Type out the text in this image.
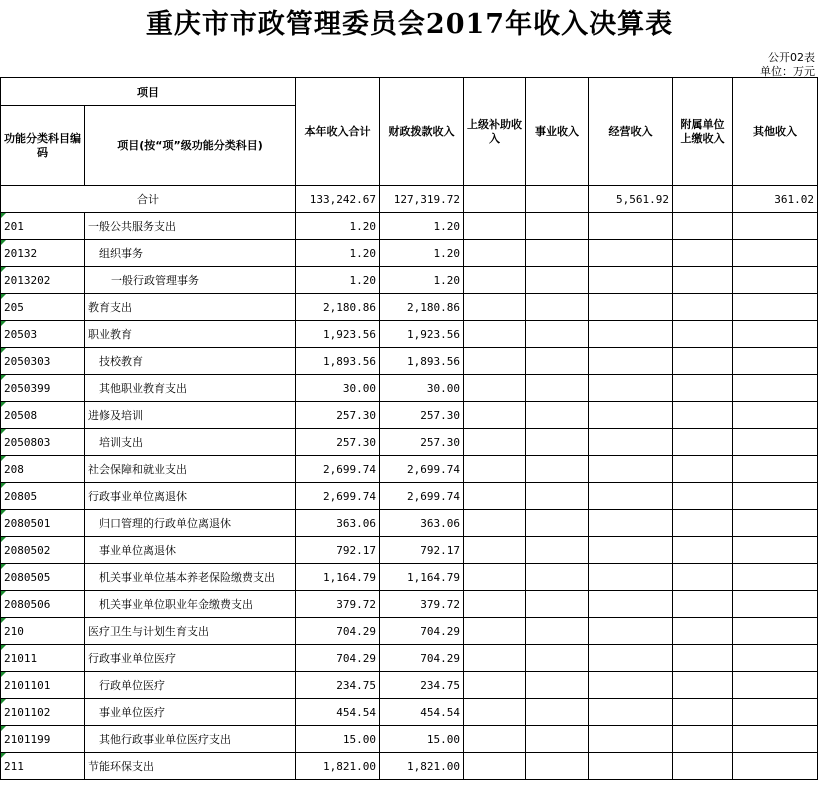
重庆市市政管理委员会2017年收入决算表
公开02表
单位：万元
项目		本年收入合计	财政拨款收入	上级补助收入	事业收入	经营收入	附属单位上缴收入	其他收入
功能分类科目编码	项目(按“项”级功能分类科目)							
合计		133,242.67	127,319.72			5,561.92		361.02
201	一般公共服务支出	1.20	1.20					
20132	组织事务	1.20	1.20					
2013202	一般行政管理事务	1.20	1.20					
205	教育支出	2,180.86	2,180.86					
20503	职业教育	1,923.56	1,923.56					
2050303	技校教育	1,893.56	1,893.56					
2050399	其他职业教育支出	30.00	30.00					
20508	进修及培训	257.30	257.30					
2050803	培训支出	257.30	257.30					
208	社会保障和就业支出	2,699.74	2,699.74					
20805	行政事业单位离退休	2,699.74	2,699.74					
2080501	归口管理的行政单位离退休	363.06	363.06					
2080502	事业单位离退休	792.17	792.17					
2080505	机关事业单位基本养老保险缴费支出	1,164.79	1,164.79					
2080506	机关事业单位职业年金缴费支出	379.72	379.72					
210	医疗卫生与计划生育支出	704.29	704.29					
21011	行政事业单位医疗	704.29	704.29					
2101101	行政单位医疗	234.75	234.75					
2101102	事业单位医疗	454.54	454.54					
2101199	其他行政事业单位医疗支出	15.00	15.00					
211	节能环保支出	1,821.00	1,821.00					
